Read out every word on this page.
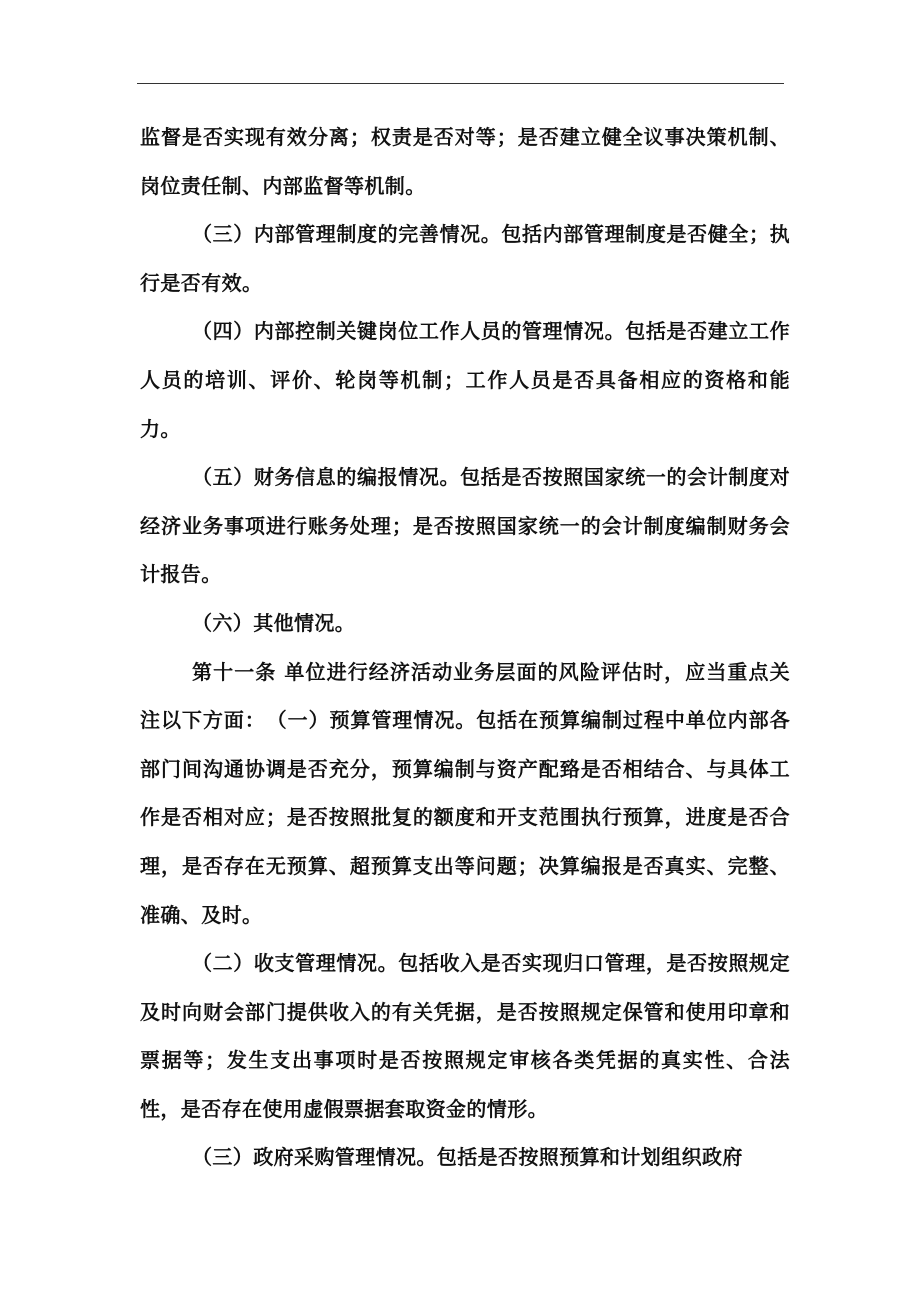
监督是否实现有效分离；权责是否对等；是否建立健全议事决策机制、岗位责任制、内部监督等机制。

（三）内部管理制度的完善情况。包括内部管理制度是否健全；执行是否有效。

（四）内部控制关键岗位工作人员的管理情况。包括是否建立工作人员的培训、评价、轮岗等机制；工作人员是否具备相应的资格和能力。

（五）财务信息的编报情况。包括是否按照国家统一的会计制度对经济业务事项进行账务处理；是否按照国家统一的会计制度编制财务会计报告。

（六）其他情况。

第十一条 单位进行经济活动业务层面的风险评估时，应当重点关注以下方面：　（一）预算管理情况。包括在预算编制过程中单位内部各部门间沟通协调是否充分，预算编制与资产配臵是否相结合、与具体工作是否相对应；是否按照批复的额度和开支范围执行预算，进度是否合理，是否存在无预算、超预算支出等问题；决算编报是否真实、完整、准确、及时。

（二）收支管理情况。包括收入是否实现归口管理，是否按照规定及时向财会部门提供收入的有关凭据，是否按照规定保管和使用印章和票据等；发生支出事项时是否按照规定审核各类凭据的真实性、合法性，是否存在使用虚假票据套取资金的情形。

（三）政府采购管理情况。包括是否按照预算和计划组织政府
